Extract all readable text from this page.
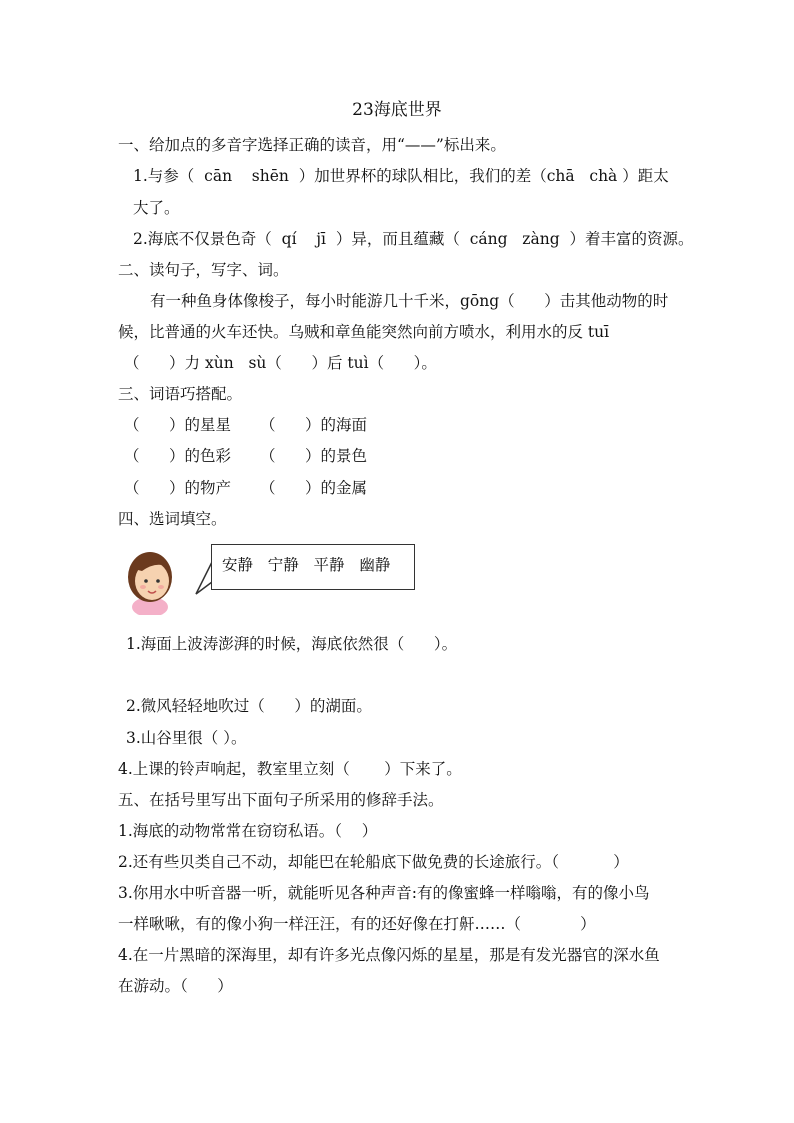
23海底世界
一、给加点的多音字选择正确的读音，用“——”标出来。
1.与参（  cān    shēn  ）加世界杯的球队相比，我们的差（chā   chà ）距太
大了。
2.海底不仅景色奇（  qí    jī  ）异，而且蕴藏（  cáng   zàng  ）着丰富的资源。
二、读句子，写字、词。
有一种鱼身体像梭子，每小时能游几十千米，gōng（      ）击其他动物的时
候，比普通的火车还快。乌贼和章鱼能突然向前方喷水，利用水的反 tuī
（      ）力 xùn   sù（      ）后 tuì（      ）。
三、词语巧搭配。
（      ）的星星 （      ）的海面
（      ）的色彩 （      ）的景色
（      ）的物产 （      ）的金属
四、选词填空。
安静   宁静   平静   幽静
1.海面上波涛澎湃的时候，海底依然很（      ）。
2.微风轻轻地吹过（      ）的湖面。
3.山谷里很（ ）。
4.上课的铃声响起，教室里立刻（       ）下来了。
五、在括号里写出下面句子所采用的修辞手法。
1.海底的动物常常在窃窃私语。（    ）
2.还有些贝类自己不动，却能巴在轮船底下做免费的长途旅行。（           ）
3.你用水中听音器一听，就能听见各种声音:有的像蜜蜂一样嗡嗡，有的像小鸟
一样啾啾，有的像小狗一样汪汪，有的还好像在打鼾……（            ）
4.在一片黑暗的深海里，却有许多光点像闪烁的星星，那是有发光器官的深水鱼
在游动。（      ）
